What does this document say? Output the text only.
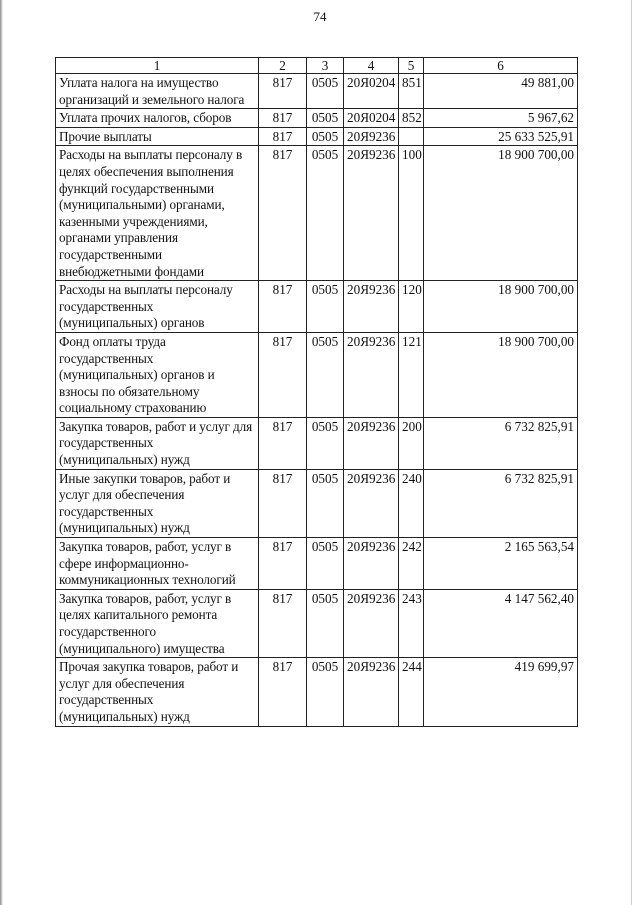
74
1	2	3	4	5	6
Уплата налога на имущество организаций и земельного налога	817	0505	20Я0204	851	49 881,00
Уплата прочих налогов, сборов	817	0505	20Я0204	852	5 967,62
Прочие выплаты	817	0505	20Я9236		25 633 525,91
Расходы на выплаты персоналу в целях обеспечения выполнения функций государственными (муниципальными) органами, казенными учреждениями, органами управления государственными внебюджетными фондами	817	0505	20Я9236	100	18 900 700,00
Расходы на выплаты персоналу государственных (муниципальных) органов	817	0505	20Я9236	120	18 900 700,00
Фонд оплаты труда государственных (муниципальных) органов и взносы по обязательному социальному страхованию	817	0505	20Я9236	121	18 900 700,00
Закупка товаров, работ и услуг для государственных (муниципальных) нужд	817	0505	20Я9236	200	6 732 825,91
Иные закупки товаров, работ и услуг для обеспечения государственных (муниципальных) нужд	817	0505	20Я9236	240	6 732 825,91
Закупка товаров, работ, услуг в сфере информационно-коммуникационных технологий	817	0505	20Я9236	242	2 165 563,54
Закупка товаров, работ, услуг в целях капитального ремонта государственного (муниципального) имущества	817	0505	20Я9236	243	4 147 562,40
Прочая закупка товаров, работ и услуг для обеспечения государственных (муниципальных) нужд	817	0505	20Я9236	244	419 699,97
